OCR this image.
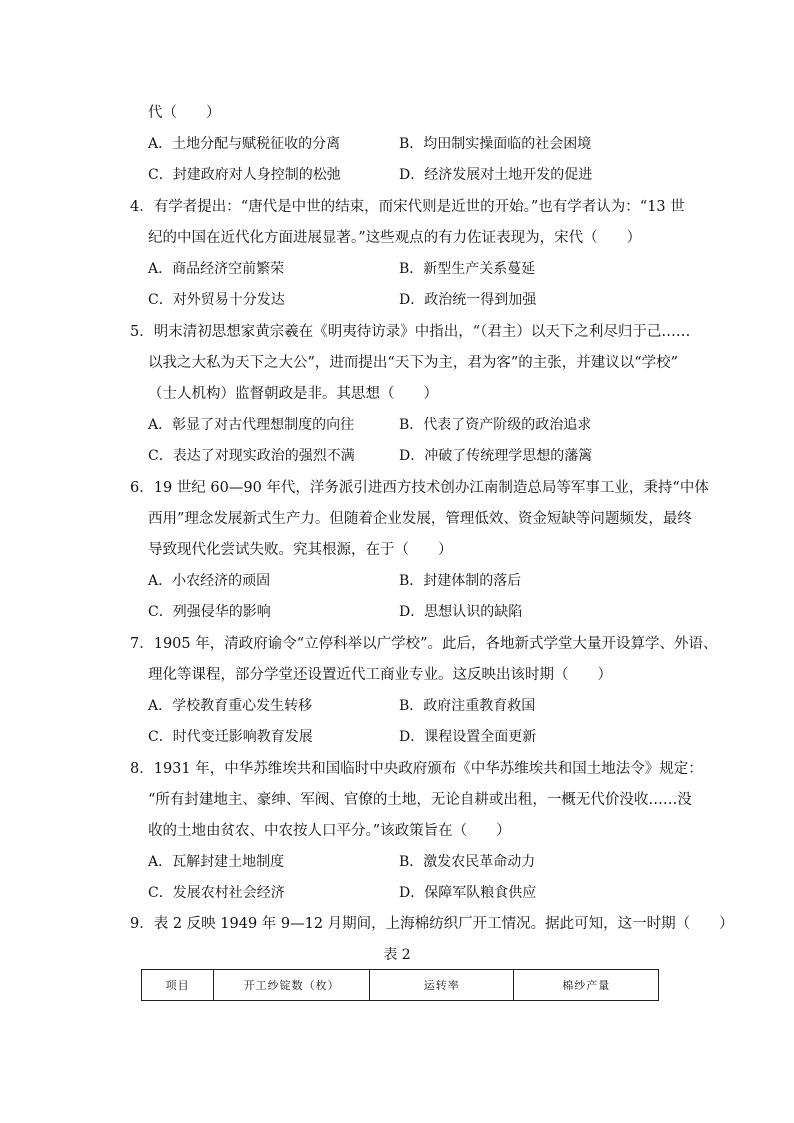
代（　　）
A．土地分配与赋税征收的分离	B．均田制实操面临的社会困境
C．封建政府对人身控制的松弛	D．经济发展对土地开发的促进
4．有学者提出：“唐代是中世的结束，而宋代则是近世的开始。”也有学者认为：“13 世
纪的中国在近代化方面进展显著。”这些观点的有力佐证表现为，宋代（　　）
A．商品经济空前繁荣	B．新型生产关系蔓延
C．对外贸易十分发达	D．政治统一得到加强
5．明末清初思想家黄宗羲在《明夷待访录》中指出，“（君主）以天下之利尽归于己……
以我之大私为天下之大公”，进而提出“天下为主，君为客”的主张，并建议以“学校”
（士人机构）监督朝政是非。其思想（　　）
A．彰显了对古代理想制度的向往	B．代表了资产阶级的政治追求
C．表达了对现实政治的强烈不满	D．冲破了传统理学思想的藩篱
6．19 世纪 60—90 年代，洋务派引进西方技术创办江南制造总局等军事工业，秉持“中体
西用”理念发展新式生产力。但随着企业发展，管理低效、资金短缺等问题频发，最终
导致现代化尝试失败。究其根源，在于（　　）
A．小农经济的顽固	B．封建体制的落后
C．列强侵华的影响	D．思想认识的缺陷
7．1905 年，清政府谕令“立停科举以广学校”。此后，各地新式学堂大量开设算学、外语、
理化等课程，部分学堂还设置近代工商业专业。这反映出该时期（　　）
A．学校教育重心发生转移	B．政府注重教育救国
C．时代变迁影响教育发展	D．课程设置全面更新
8．1931 年，中华苏维埃共和国临时中央政府颁布《中华苏维埃共和国土地法令》规定：
“所有封建地主、豪绅、军阀、官僚的土地，无论自耕或出租，一概无代价没收……没
收的土地由贫农、中农按人口平分。”该政策旨在（　　）
A．瓦解封建土地制度	B．激发农民革命动力
C．发展农村社会经济	D．保障军队粮食供应
9．表 2 反映 1949 年 9—12 月期间，上海棉纺织厂开工情况。据此可知，这一时期（　　）
表 2
项目	开工纱锭数（枚）	运转率	棉纱产量
